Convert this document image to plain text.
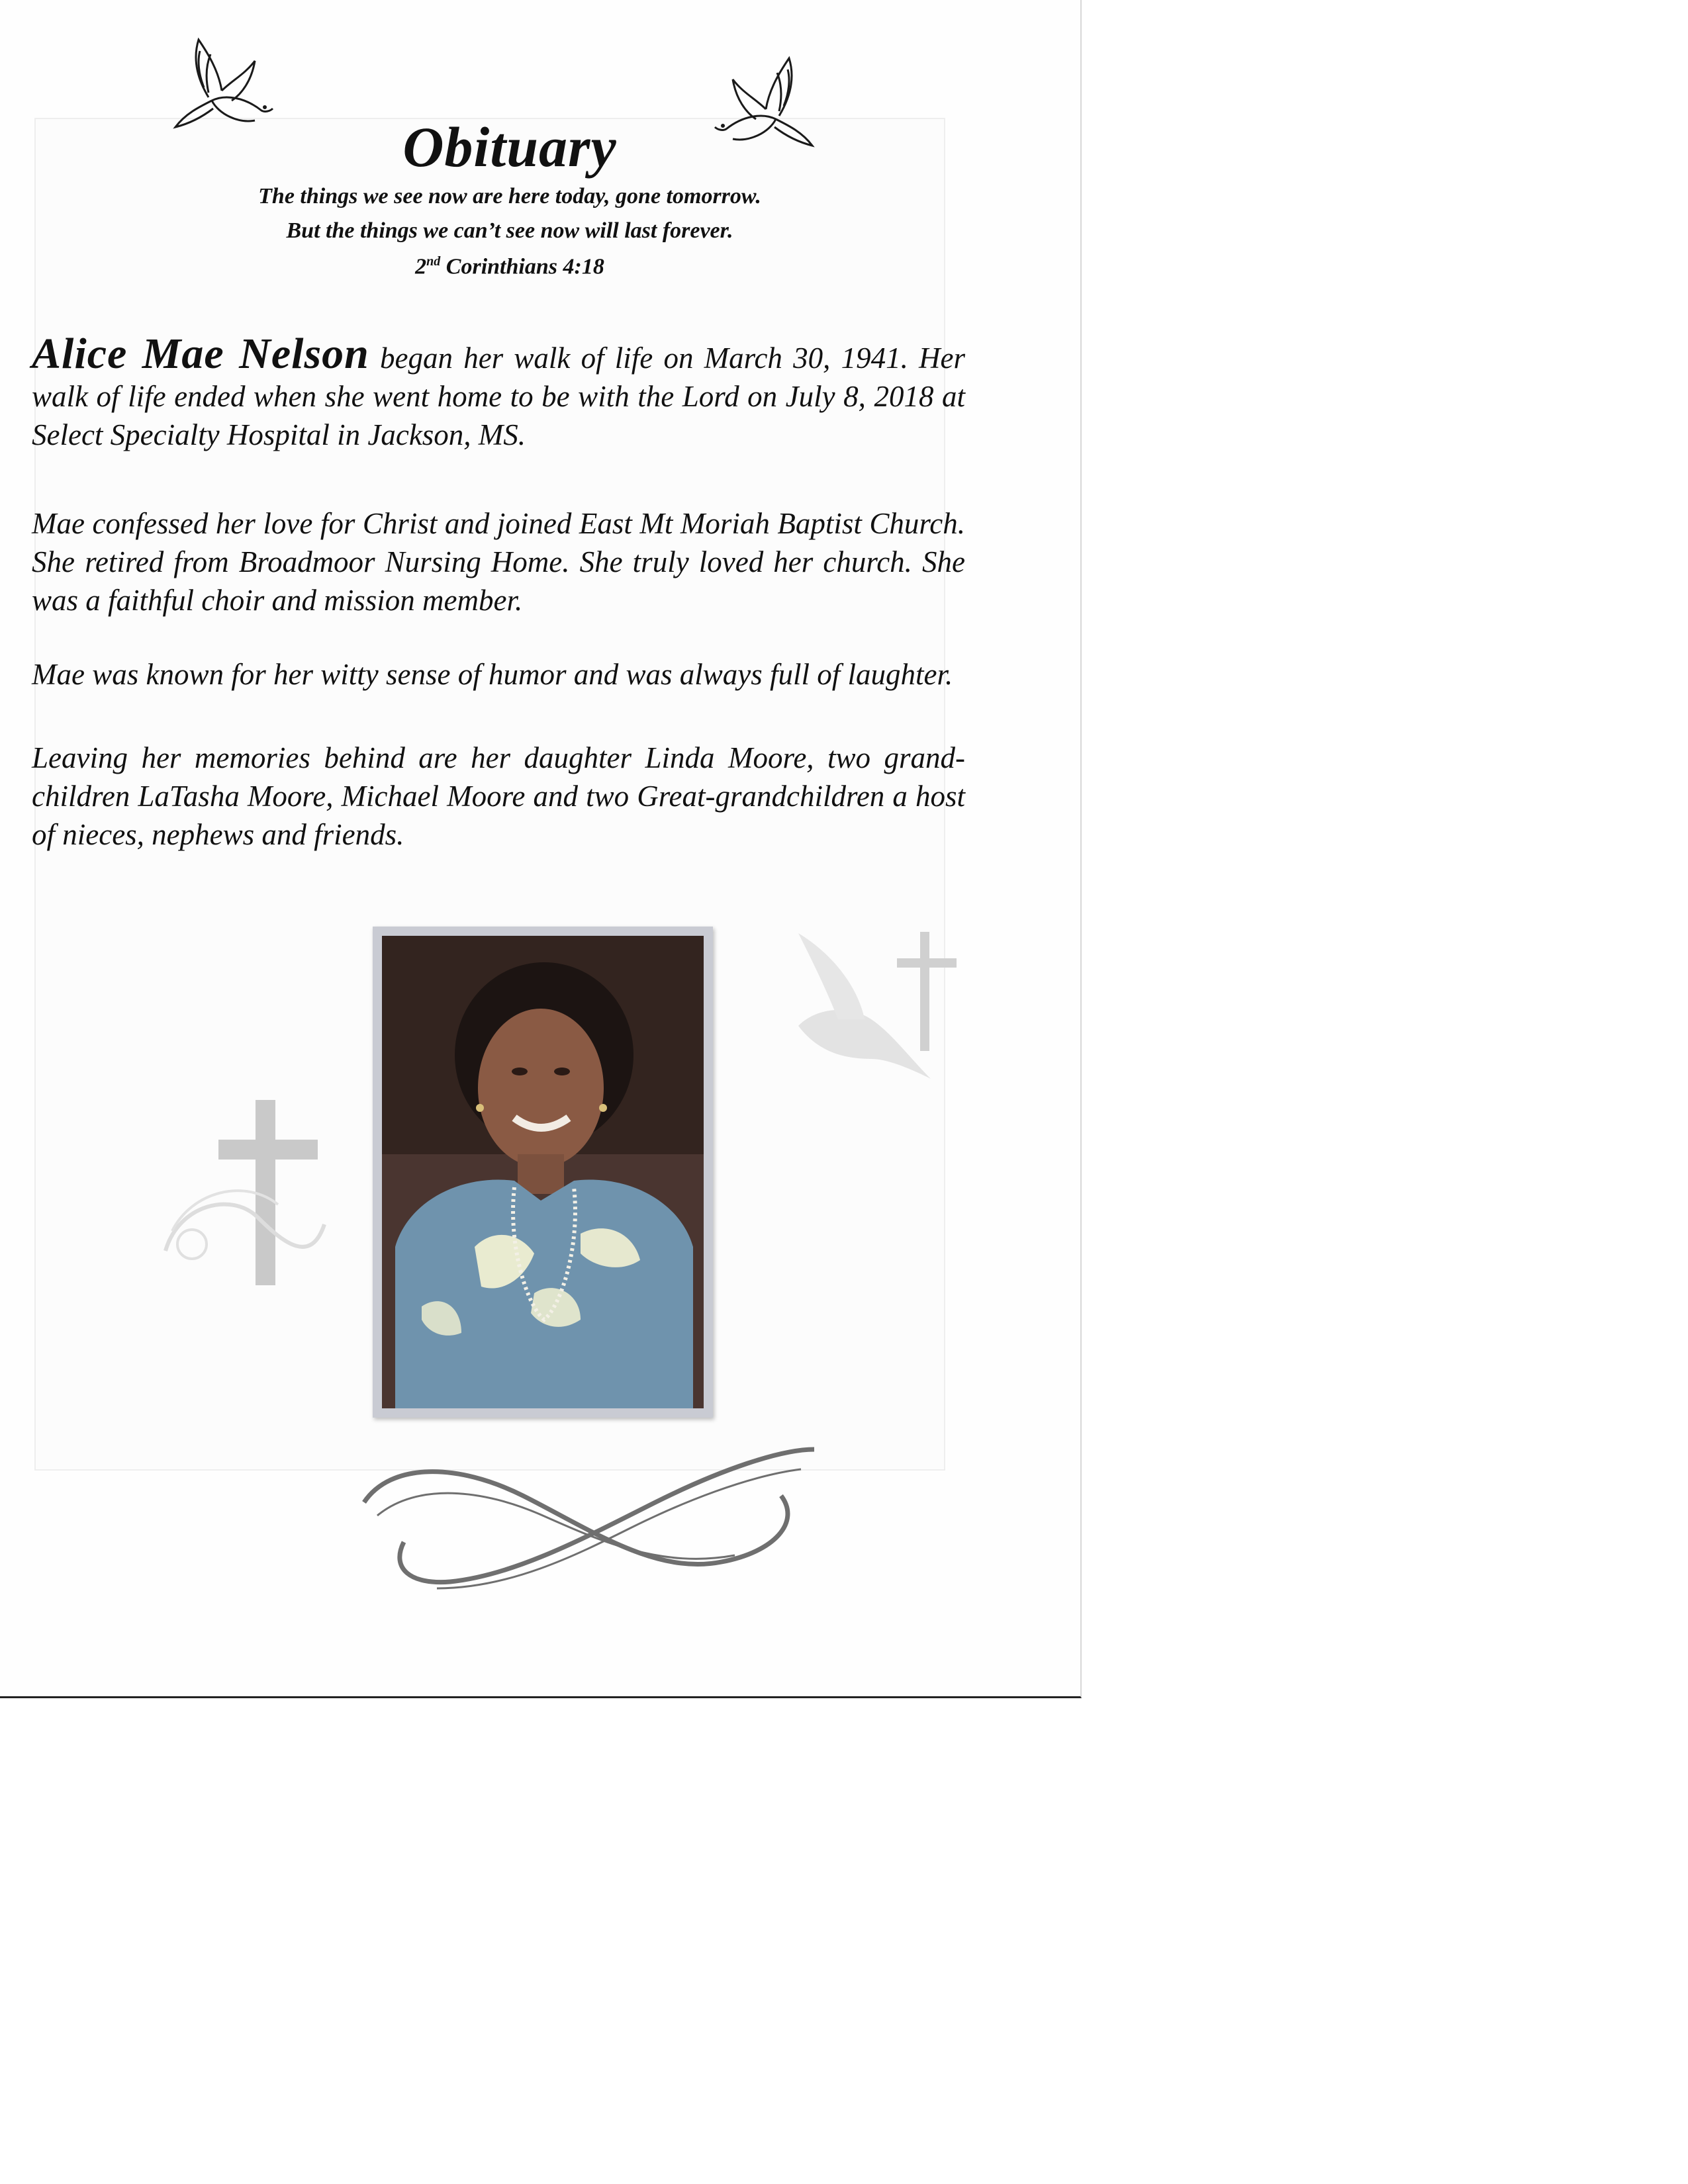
Obituary
The things we see now are here today, gone tomorrow.
But the things we can’t see now will last forever.
2nd Corinthians 4:18
Alice Mae Nelson began her walk of life on March 30, 1941. Her walk of life ended when she went home to be with the Lord on July 8, 2018 at Select Specialty Hospital in Jackson, MS.
Mae confessed her love for Christ and joined East Mt Moriah Baptist Church. She retired from Broadmoor Nursing Home. She truly loved her church. She was a faithful choir and mission member.
Mae was known for her witty sense of humor and was always full of laughter.
Leaving her memories behind are her daughter Linda Moore, two grand-children LaTasha Moore, Michael Moore and two Great-grandchildren a host of nieces, nephews and friends.
